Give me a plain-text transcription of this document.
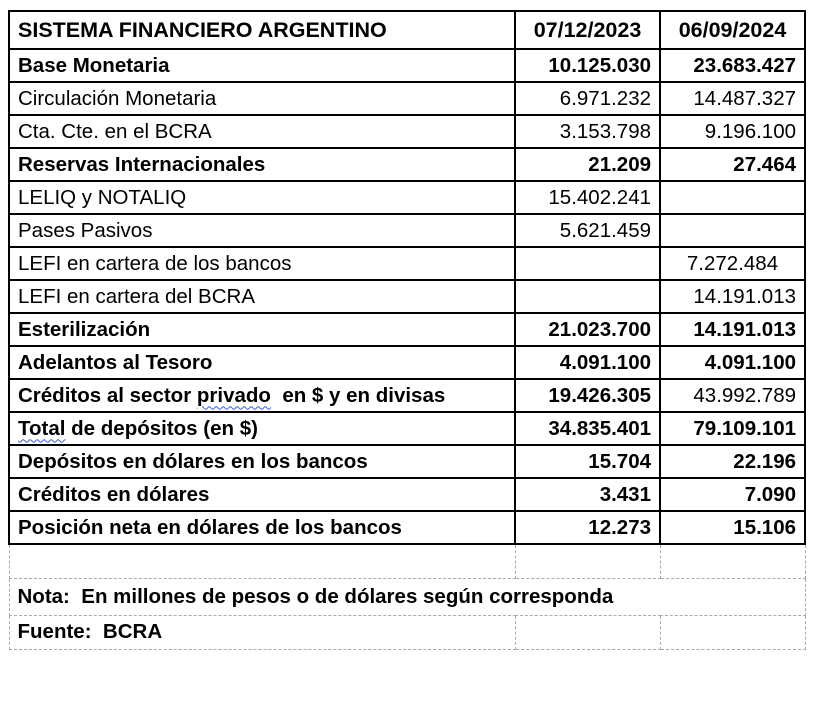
SISTEMA FINANCIERO ARGENTINO	07/12/2023	06/09/2024
Base Monetaria	10.125.030	23.683.427
Circulación Monetaria	6.971.232	14.487.327
Cta. Cte. en el BCRA	3.153.798	9.196.100
Reservas Internacionales	21.209	27.464
LELIQ y NOTALIQ	15.402.241	
Pases Pasivos	5.621.459	
LEFI en cartera de los bancos		7.272.484
LEFI en cartera del BCRA		14.191.013
Esterilización	21.023.700	14.191.013
Adelantos al Tesoro	4.091.100	4.091.100
Créditos al sector privado  en $ y en divisas	19.426.305	43.992.789
Total de depósitos (en $)	34.835.401	79.109.101
Depósitos en dólares en los bancos	15.704	22.196
Créditos en dólares	3.431	7.090
Posición neta en dólares de los bancos	12.273	15.106

Nota:  En millones de pesos o de dólares según corresponda		
Fuente:  BCRA		
